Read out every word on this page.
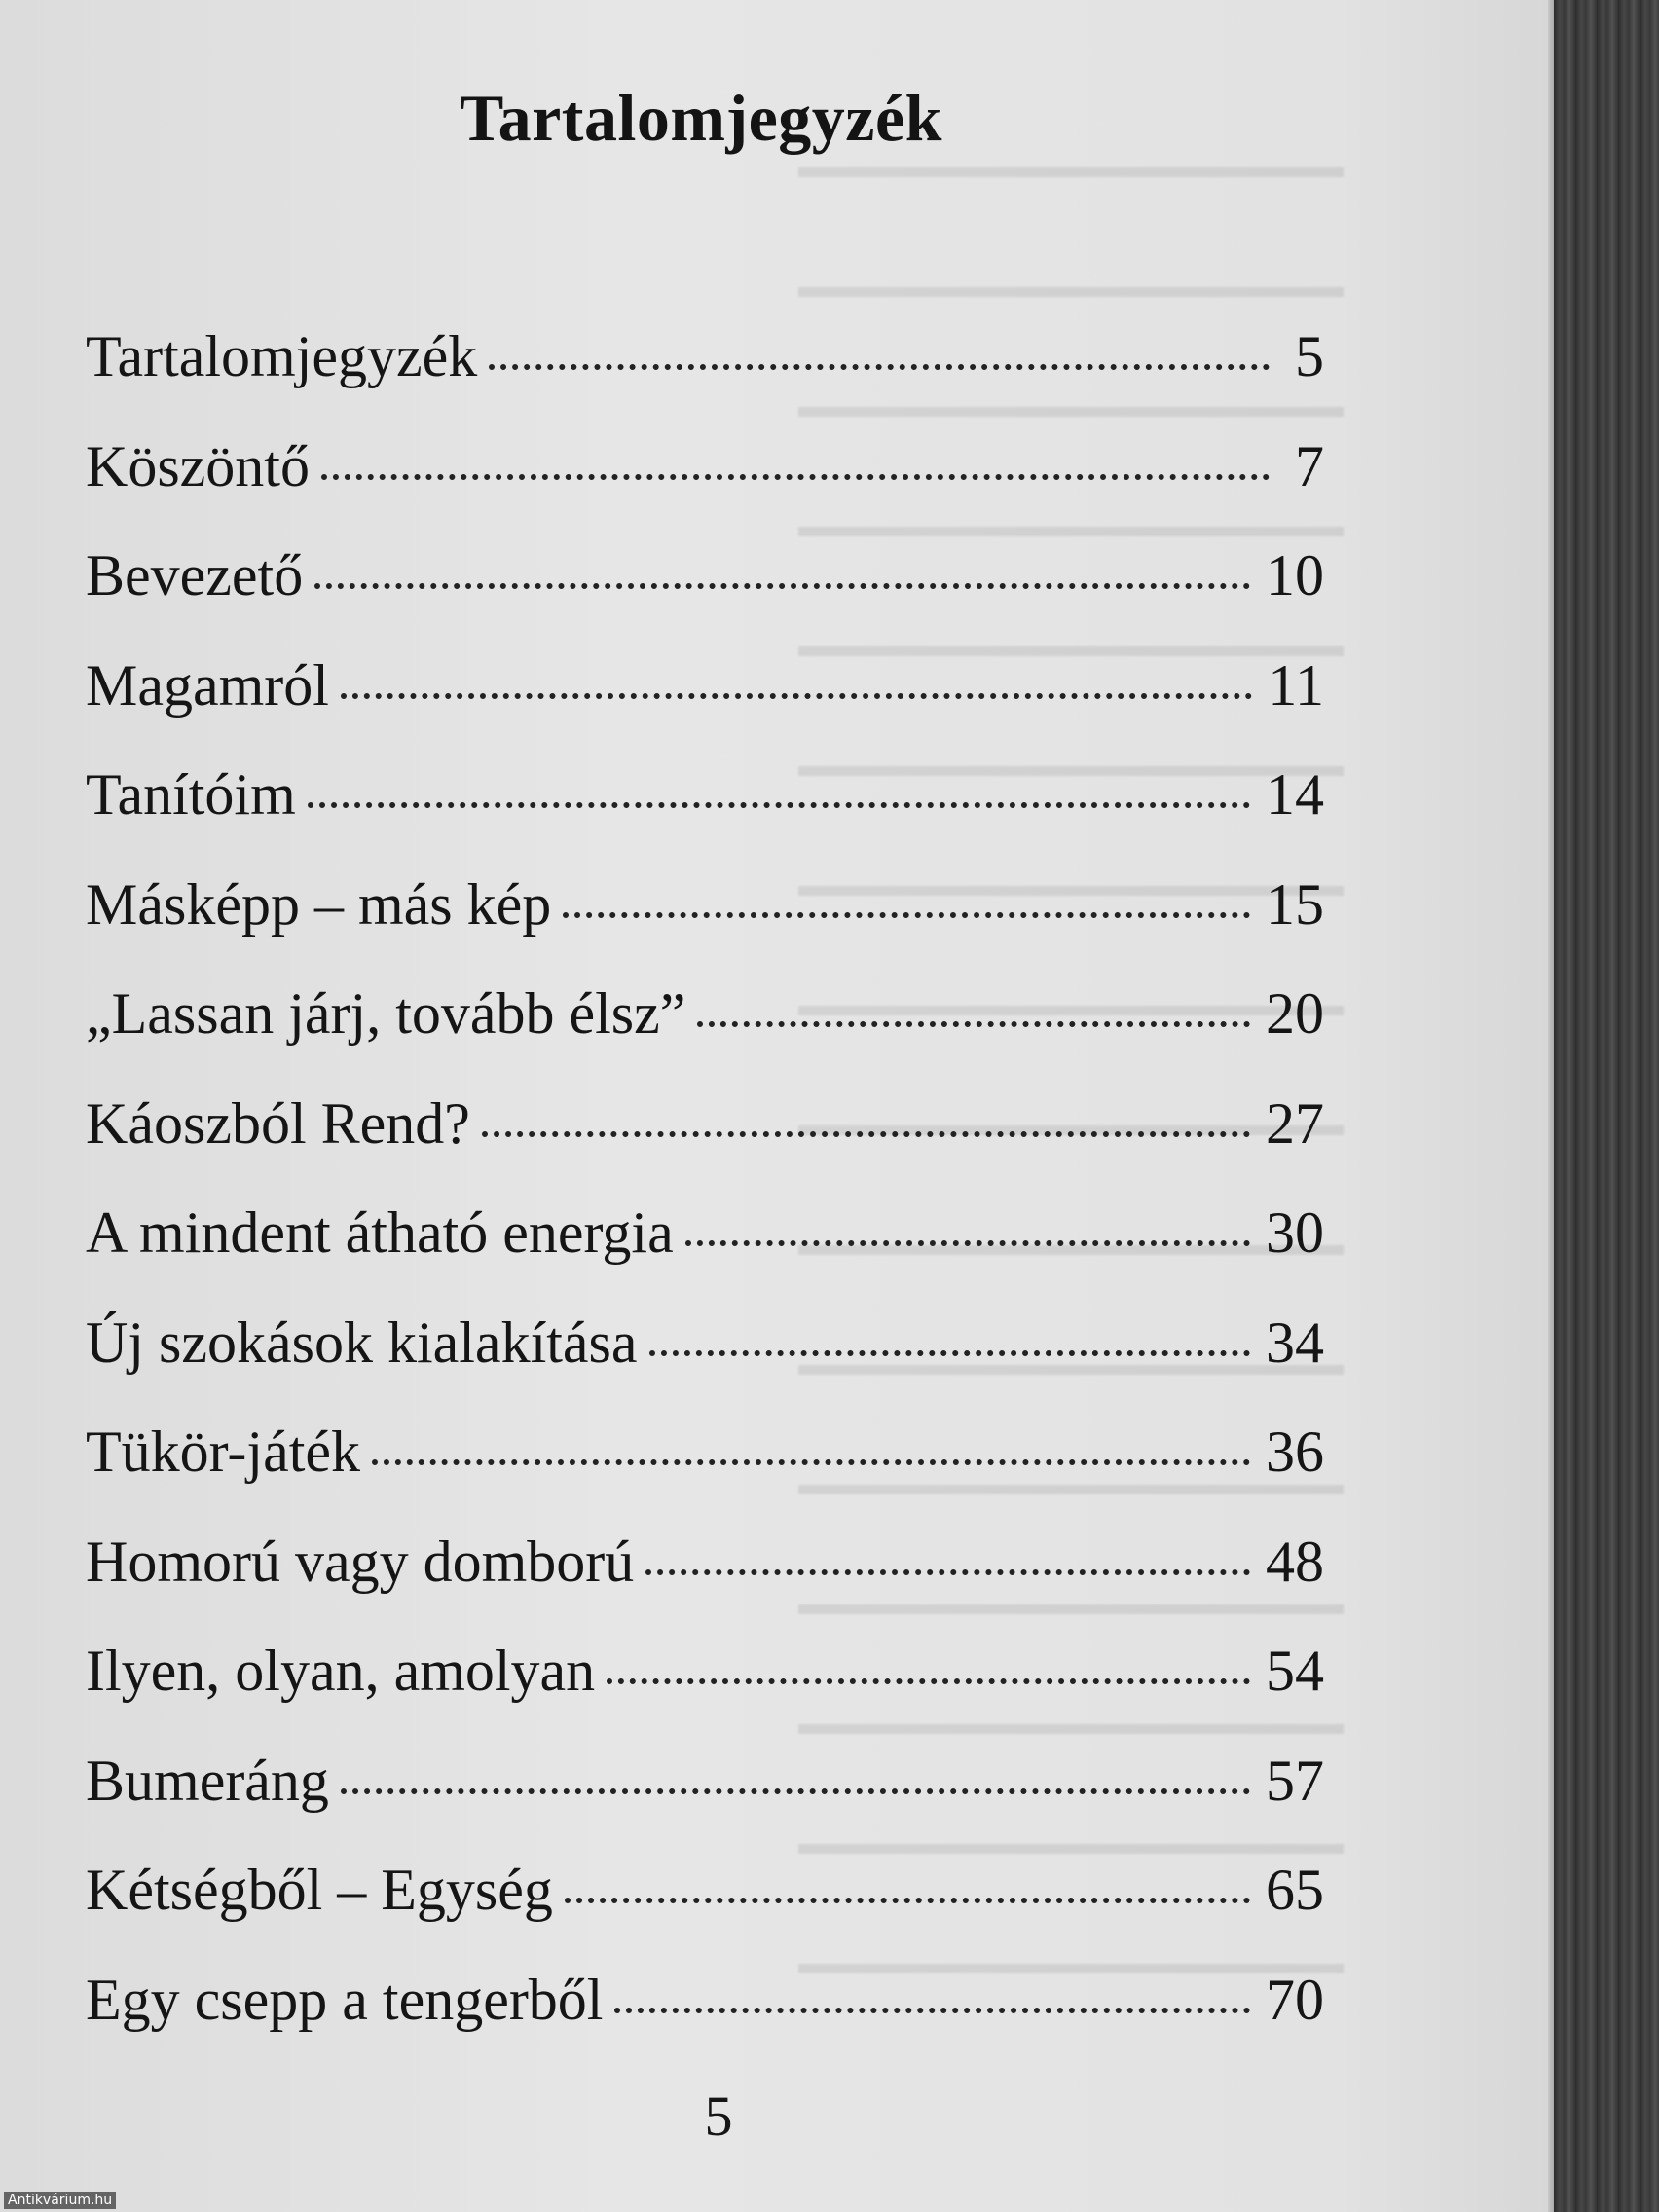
Tartalomjegyzék
Tartalomjegyzék	5
Köszöntő	7
Bevezető	10
Magamról	11
Tanítóim	14
Másképp – más kép	15
„Lassan járj, tovább élsz”	20
Káoszból Rend?	27
A mindent átható energia	30
Új szokások kialakítása	34
Tükör-játék	36
Homorú vagy domború	48
Ilyen, olyan, amolyan	54
Bumeráng	57
Kétségből – Egység	65
Egy csepp a tengerből	70
5
Antikvárium.hu
